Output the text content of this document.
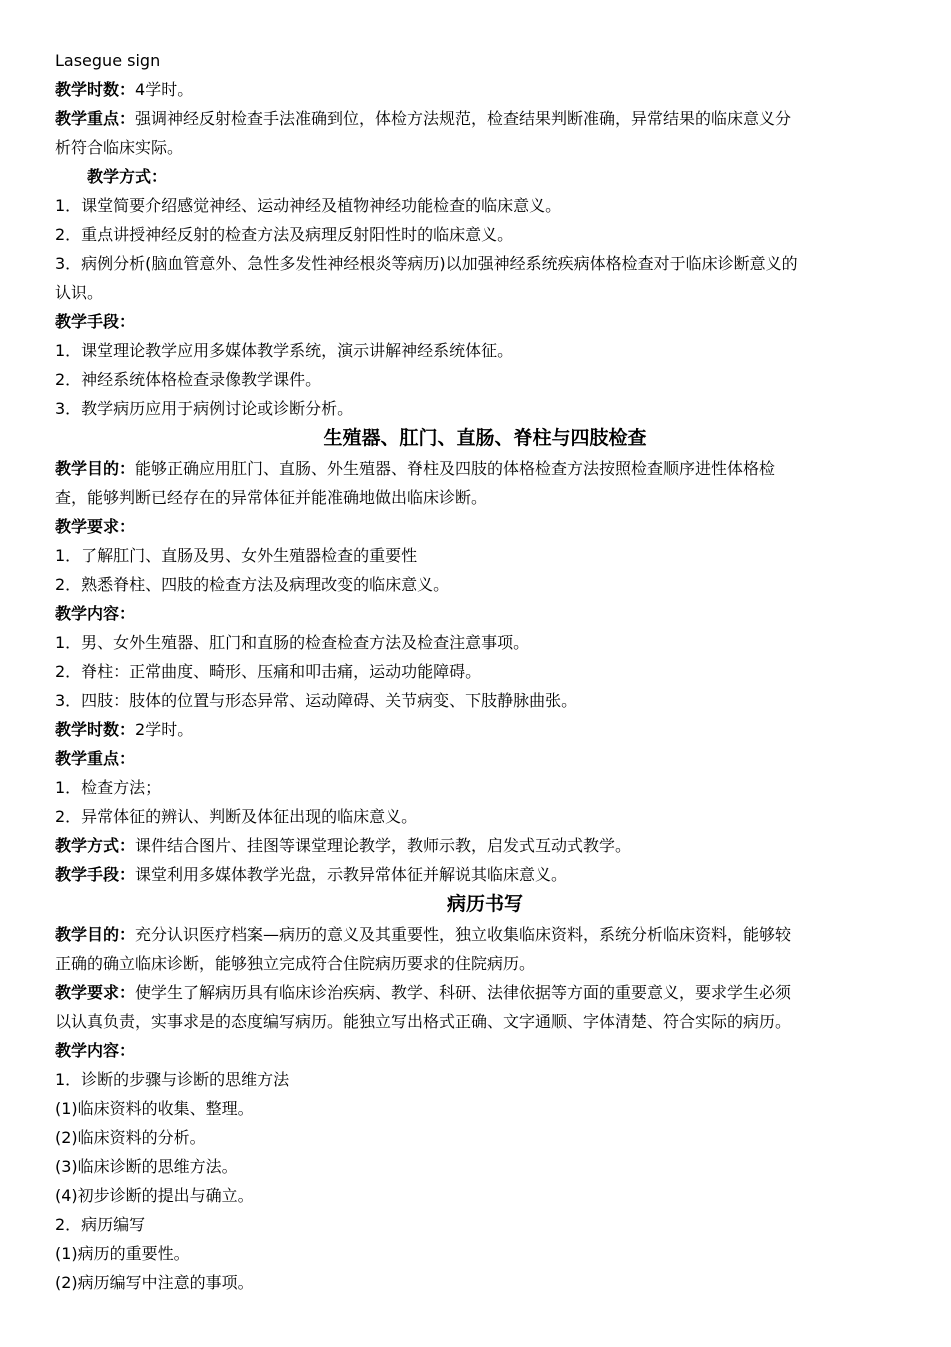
Lasegue sign
教学时数：4学时。
教学重点：强调神经反射检查手法准确到位，体检方法规范，检查结果判断准确，异常结果的临床意义分
析符合临床实际。
教学方式：
1．课堂简要介绍感觉神经、运动神经及植物神经功能检查的临床意义。
2．重点讲授神经反射的检查方法及病理反射阳性时的临床意义。
3．病例分析(脑血管意外、急性多发性神经根炎等病历)以加强神经系统疾病体格检查对于临床诊断意义的
认识。
教学手段：
1．课堂理论教学应用多媒体教学系统，演示讲解神经系统体征。
2．神经系统体格检查录像教学课件。
3．教学病历应用于病例讨论或诊断分析。
生殖器、肛门、直肠、脊柱与四肢检查
教学目的：能够正确应用肛门、直肠、外生殖器、脊柱及四肢的体格检查方法按照检查顺序进性体格检
查，能够判断已经存在的异常体征并能准确地做出临床诊断。
教学要求：
1．了解肛门、直肠及男、女外生殖器检查的重要性
2．熟悉脊柱、四肢的检查方法及病理改变的临床意义。
教学内容：
1．男、女外生殖器、肛门和直肠的检查检查方法及检查注意事项。
2．脊柱：正常曲度、畸形、压痛和叩击痛，运动功能障碍。
3．四肢：肢体的位置与形态异常、运动障碍、关节病变、下肢静脉曲张。
教学时数：2学时。
教学重点：
1．检查方法；
2．异常体征的辨认、判断及体征出现的临床意义。
教学方式：课件结合图片、挂图等课堂理论教学，教师示教，启发式互动式教学。
教学手段：课堂利用多媒体教学光盘，示教异常体征并解说其临床意义。
病历书写
教学目的：充分认识医疗档案—病历的意义及其重要性，独立收集临床资料，系统分析临床资料，能够较
正确的确立临床诊断，能够独立完成符合住院病历要求的住院病历。
教学要求：使学生了解病历具有临床诊治疾病、教学、科研、法律依据等方面的重要意义，要求学生必须
以认真负责，实事求是的态度编写病历。能独立写出格式正确、文字通顺、字体清楚、符合实际的病历。
教学内容：
1．诊断的步骤与诊断的思维方法
(1)临床资料的收集、整理。
(2)临床资料的分析。
(3)临床诊断的思维方法。
(4)初步诊断的提出与确立。
2．病历编写
(1)病历的重要性。
(2)病历编写中注意的事项。
